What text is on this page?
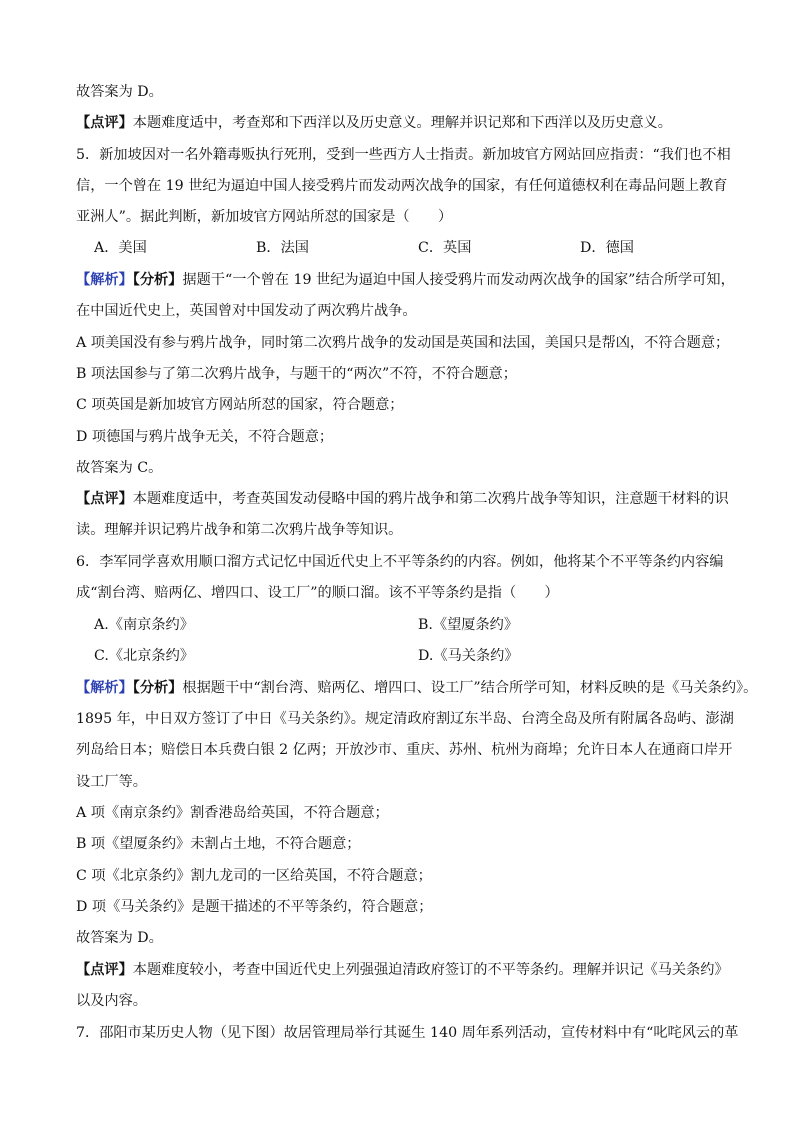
故答案为 D。
【点评】本题难度适中，考查郑和下西洋以及历史意义。理解并识记郑和下西洋以及历史意义。
5．新加坡因对一名外籍毒贩执行死刑，受到一些西方人士指责。新加坡官方网站回应指责：“我们也不相
信，一个曾在 19 世纪为逼迫中国人接受鸦片而发动两次战争的国家，有任何道德权利在毒品问题上教育
亚洲人”。据此判断，新加坡官方网站所怼的国家是（　　）
A．美国	B．法国	C．英国	D．德国
【解析】【分析】据题干“一个曾在 19 世纪为逼迫中国人接受鸦片而发动两次战争的国家”结合所学可知，
在中国近代史上，英国曾对中国发动了两次鸦片战争。
A 项美国没有参与鸦片战争，同时第二次鸦片战争的发动国是英国和法国，美国只是帮凶，不符合题意；
B 项法国参与了第二次鸦片战争，与题干的“两次”不符，不符合题意；
C 项英国是新加坡官方网站所怼的国家，符合题意；
D 项德国与鸦片战争无关，不符合题意；
故答案为 C。
【点评】本题难度适中，考查英国发动侵略中国的鸦片战争和第二次鸦片战争等知识，注意题干材料的识
读。理解并识记鸦片战争和第二次鸦片战争等知识。
6．李军同学喜欢用顺口溜方式记忆中国近代史上不平等条约的内容。例如，他将某个不平等条约内容编
成“割台湾、赔两亿、增四口、设工厂”的顺口溜。该不平等条约是指（　　）
A.《南京条约》	B.《望厦条约》
C.《北京条约》	D.《马关条约》
【解析】【分析】根据题干中“割台湾、赔两亿、增四口、设工厂”结合所学可知，材料反映的是《马关条约》。
1895 年，中日双方签订了中日《马关条约》。规定清政府割辽东半岛、台湾全岛及所有附属各岛屿、澎湖
列岛给日本；赔偿日本兵费白银 2 亿两；开放沙市、重庆、苏州、杭州为商埠；允许日本人在通商口岸开
设工厂等。
A 项《南京条约》割香港岛给英国，不符合题意；
B 项《望厦条约》未割占土地，不符合题意；
C 项《北京条约》割九龙司的一区给英国，不符合题意；
D 项《马关条约》是题干描述的不平等条约，符合题意；
故答案为 D。
【点评】本题难度较小，考查中国近代史上列强强迫清政府签订的不平等条约。理解并识记《马关条约》
以及内容。
7．邵阳市某历史人物（见下图）故居管理局举行其诞生 140 周年系列活动，宣传材料中有“叱咤风云的革
